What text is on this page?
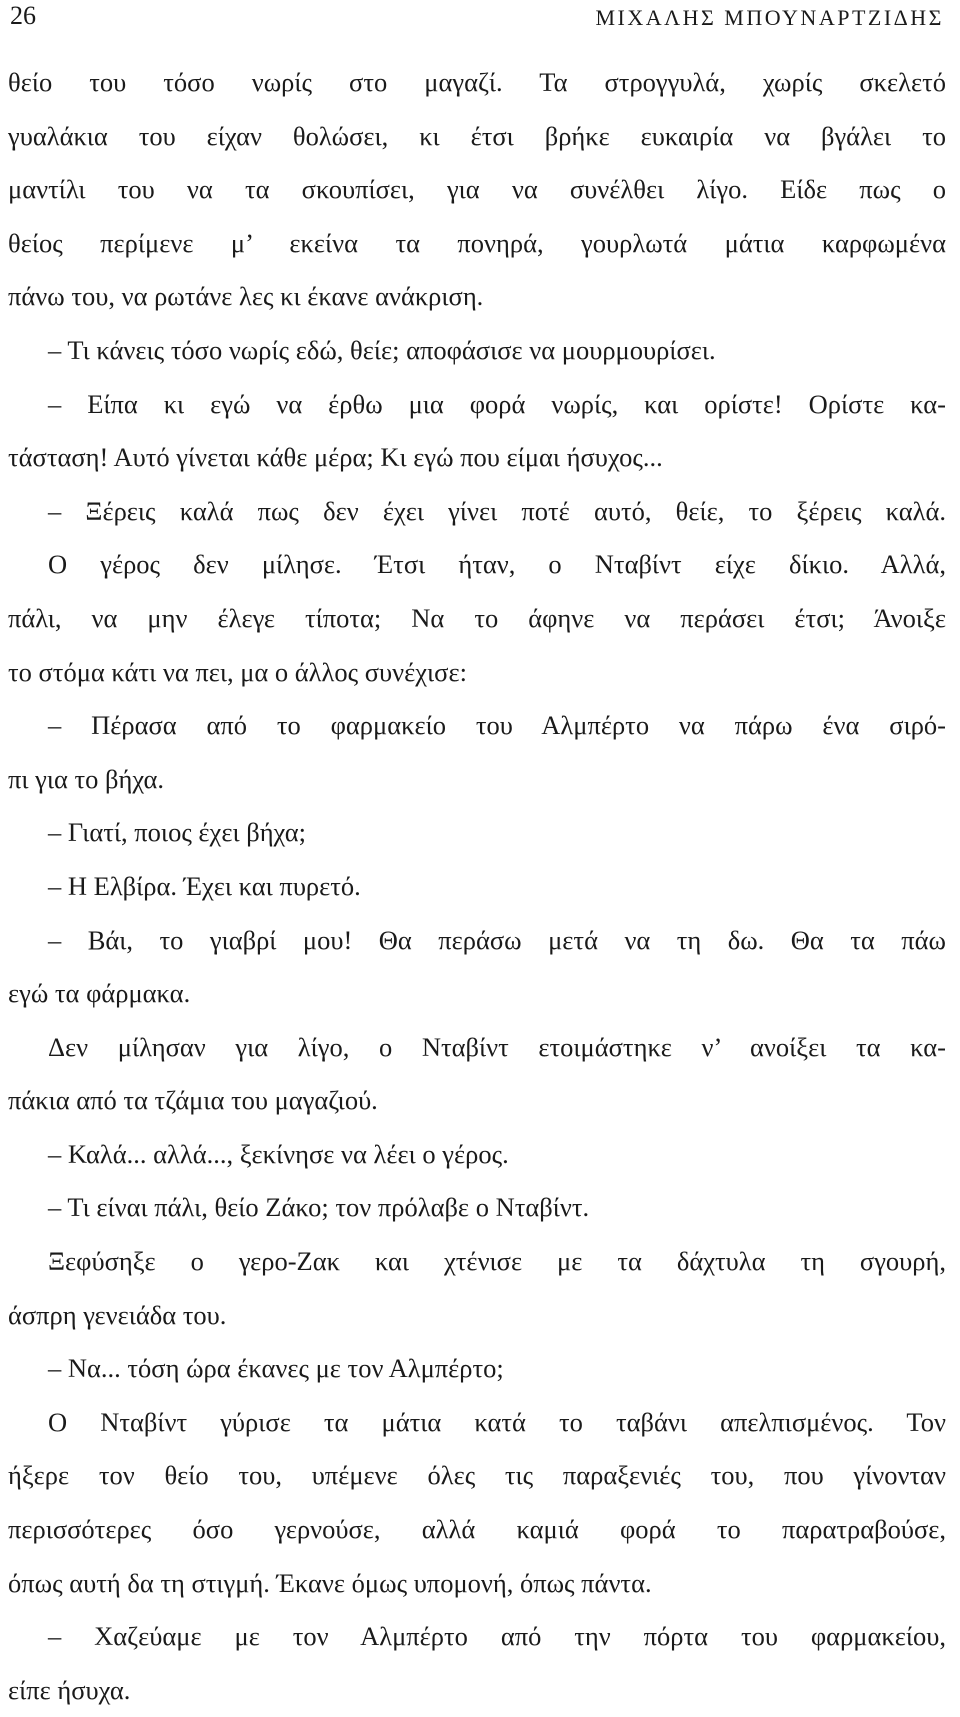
26	ΜΙΧΑΛΗΣ ΜΠΟΥΝΑΡΤΖΙΔΗΣ
θείο του τόσο νωρίς στο μαγαζί. Τα στρογγυλά, χωρίς σκελετό
γυαλάκια του είχαν θολώσει, κι έτσι βρήκε ευκαιρία να βγάλει το
μαντίλι του να τα σκουπίσει, για να συνέλθει λίγο. Είδε πως ο
θείος περίμενε μ’ εκείνα τα πονηρά, γουρλωτά μάτια καρφωμένα
πάνω του, να ρωτάνε λες κι έκανε ανάκριση.
– Τι κάνεις τόσο νωρίς εδώ, θείε; αποφάσισε να μουρμουρίσει.
– Είπα κι εγώ να έρθω μια φορά νωρίς, και ορίστε! Ορίστε κα-
τάσταση! Αυτό γίνεται κάθε μέρα; Κι εγώ που είμαι ήσυχος...
– Ξέρεις καλά πως δεν έχει γίνει ποτέ αυτό, θείε, το ξέρεις καλά.
Ο γέρος δεν μίλησε. Έτσι ήταν, ο Νταβίντ είχε δίκιο. Αλλά,
πάλι, να μην έλεγε τίποτα; Να το άφηνε να περάσει έτσι; Άνοιξε
το στόμα κάτι να πει, μα ο άλλος συνέχισε:
– Πέρασα από το φαρμακείο του Αλμπέρτο να πάρω ένα σιρό-
πι για το βήχα.
– Γιατί, ποιος έχει βήχα;
– Η Ελβίρα. Έχει και πυρετό.
– Βάι, το γιαβρί μου! Θα περάσω μετά να τη δω. Θα τα πάω
εγώ τα φάρμακα.
Δεν μίλησαν για λίγο, ο Νταβίντ ετοιμάστηκε ν’ ανοίξει τα κα-
πάκια από τα τζάμια του μαγαζιού.
– Καλά... αλλά..., ξεκίνησε να λέει ο γέρος.
– Τι είναι πάλι, θείο Ζάκο; τον πρόλαβε ο Νταβίντ.
Ξεφύσηξε ο γερο-Ζακ και χτένισε με τα δάχτυλα τη σγουρή,
άσπρη γενειάδα του.
– Να... τόση ώρα έκανες με τον Αλμπέρτο;
Ο Νταβίντ γύρισε τα μάτια κατά το ταβάνι απελπισμένος. Τον
ήξερε τον θείο του, υπέμενε όλες τις παραξενιές του, που γίνονταν
περισσότερες όσο γερνούσε, αλλά καμιά φορά το παρατραβούσε,
όπως αυτή δα τη στιγμή. Έκανε όμως υπομονή, όπως πάντα.
– Χαζεύαμε με τον Αλμπέρτο από την πόρτα του φαρμακείου,
είπε ήσυχα.
